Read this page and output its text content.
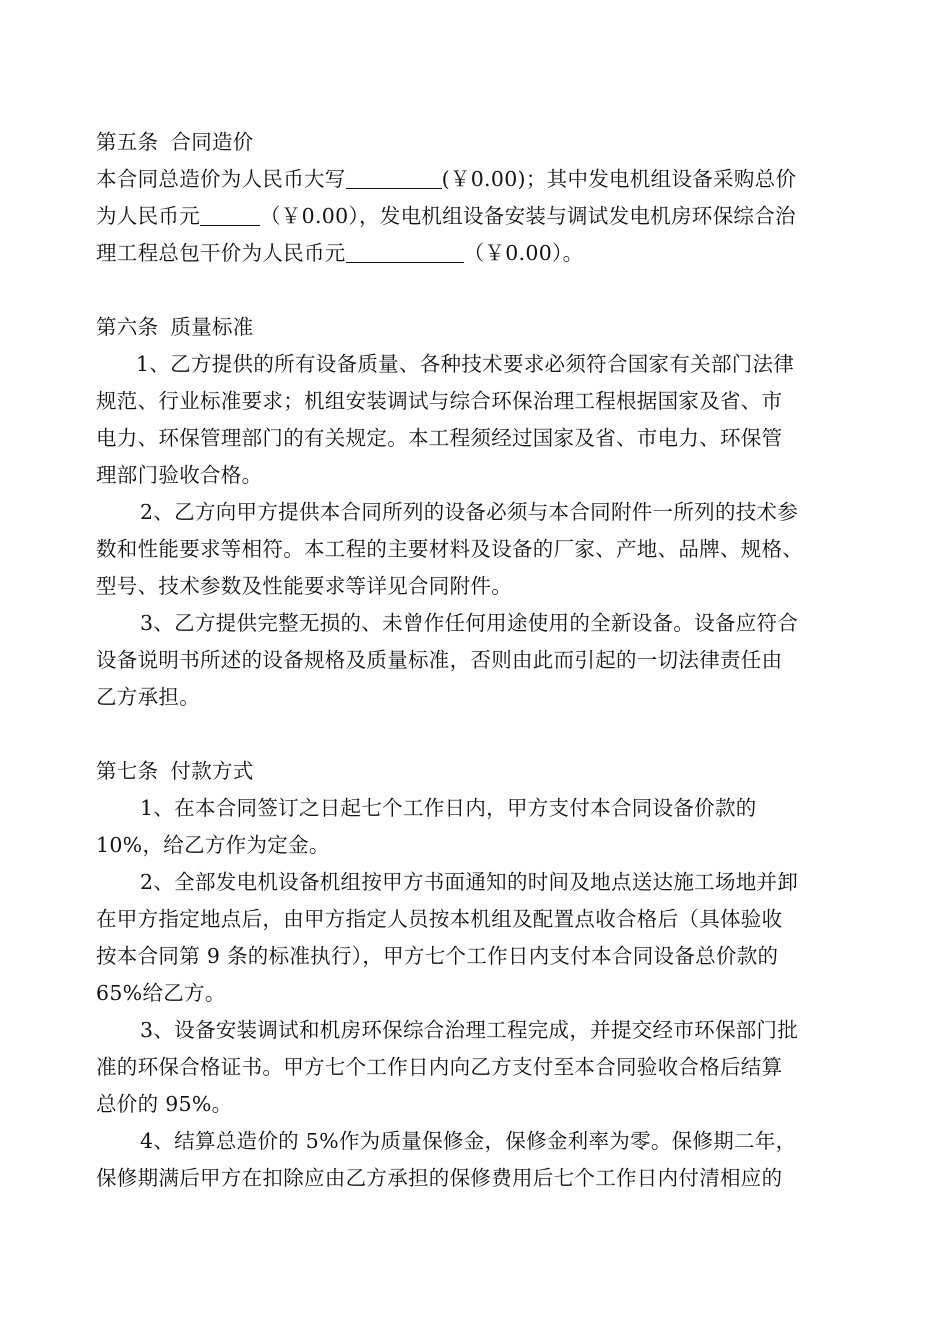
第五条 合同造价
本合同总造价为人民币大写	(￥0.00)；其中发电机组设备采购总价
为人民币元	（￥0.00），发电机组设备安装与调试发电机房环保综合治
理工程总包干价为人民币元	（￥0.00）。
第六条 质量标准
1、乙方提供的所有设备质量、各种技术要求必须符合国家有关部门法律
规范、行业标准要求；机组安装调试与综合环保治理工程根据国家及省、市
电力、环保管理部门的有关规定。本工程须经过国家及省、市电力、环保管
理部门验收合格。
2、乙方向甲方提供本合同所列的设备必须与本合同附件一所列的技术参
数和性能要求等相符。本工程的主要材料及设备的厂家、产地、品牌、规格、
型号、技术参数及性能要求等详见合同附件。
3、乙方提供完整无损的、未曾作任何用途使用的全新设备。设备应符合
设备说明书所述的设备规格及质量标准，否则由此而引起的一切法律责任由
乙方承担。
第七条 付款方式
1、在本合同签订之日起七个工作日内，甲方支付本合同设备价款的
10%，给乙方作为定金。
2、全部发电机设备机组按甲方书面通知的时间及地点送达施工场地并卸
在甲方指定地点后，由甲方指定人员按本机组及配置点收合格后（具体验收
按本合同第 9 条的标准执行），甲方七个工作日内支付本合同设备总价款的
65%给乙方。
3、设备安装调试和机房环保综合治理工程完成，并提交经市环保部门批
准的环保合格证书。甲方七个工作日内向乙方支付至本合同验收合格后结算
总价的 95%。
4、结算总造价的 5%作为质量保修金，保修金利率为零。保修期二年，
保修期满后甲方在扣除应由乙方承担的保修费用后七个工作日内付清相应的
